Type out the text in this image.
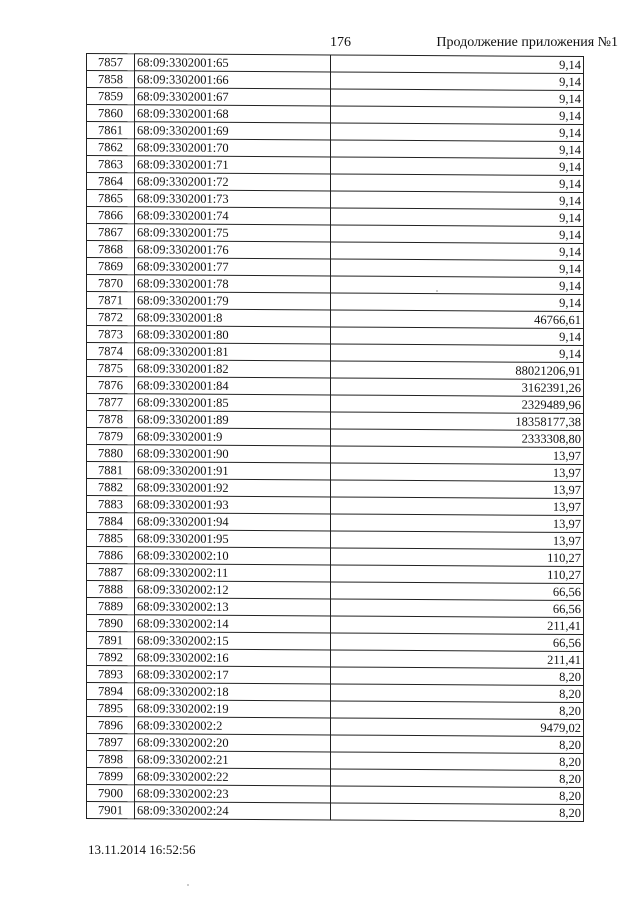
176	Продолжение приложения №1
7857	68:09:3302001:65	9,14
7858	68:09:3302001:66	9,14
7859	68:09:3302001:67	9,14
7860	68:09:3302001:68	9,14
7861	68:09:3302001:69	9,14
7862	68:09:3302001:70	9,14
7863	68:09:3302001:71	9,14
7864	68:09:3302001:72	9,14
7865	68:09:3302001:73	9,14
7866	68:09:3302001:74	9,14
7867	68:09:3302001:75	9,14
7868	68:09:3302001:76	9,14
7869	68:09:3302001:77	9,14
7870	68:09:3302001:78	9,14
7871	68:09:3302001:79	9,14
7872	68:09:3302001:8	46766,61
7873	68:09:3302001:80	9,14
7874	68:09:3302001:81	9,14
7875	68:09:3302001:82	88021206,91
7876	68:09:3302001:84	3162391,26
7877	68:09:3302001:85	2329489,96
7878	68:09:3302001:89	18358177,38
7879	68:09:3302001:9	2333308,80
7880	68:09:3302001:90	13,97
7881	68:09:3302001:91	13,97
7882	68:09:3302001:92	13,97
7883	68:09:3302001:93	13,97
7884	68:09:3302001:94	13,97
7885	68:09:3302001:95	13,97
7886	68:09:3302002:10	110,27
7887	68:09:3302002:11	110,27
7888	68:09:3302002:12	66,56
7889	68:09:3302002:13	66,56
7890	68:09:3302002:14	211,41
7891	68:09:3302002:15	66,56
7892	68:09:3302002:16	211,41
7893	68:09:3302002:17	8,20
7894	68:09:3302002:18	8,20
7895	68:09:3302002:19	8,20
7896	68:09:3302002:2	9479,02
7897	68:09:3302002:20	8,20
7898	68:09:3302002:21	8,20
7899	68:09:3302002:22	8,20
7900	68:09:3302002:23	8,20
7901	68:09:3302002:24	8,20
13.11.2014 16:52:56
